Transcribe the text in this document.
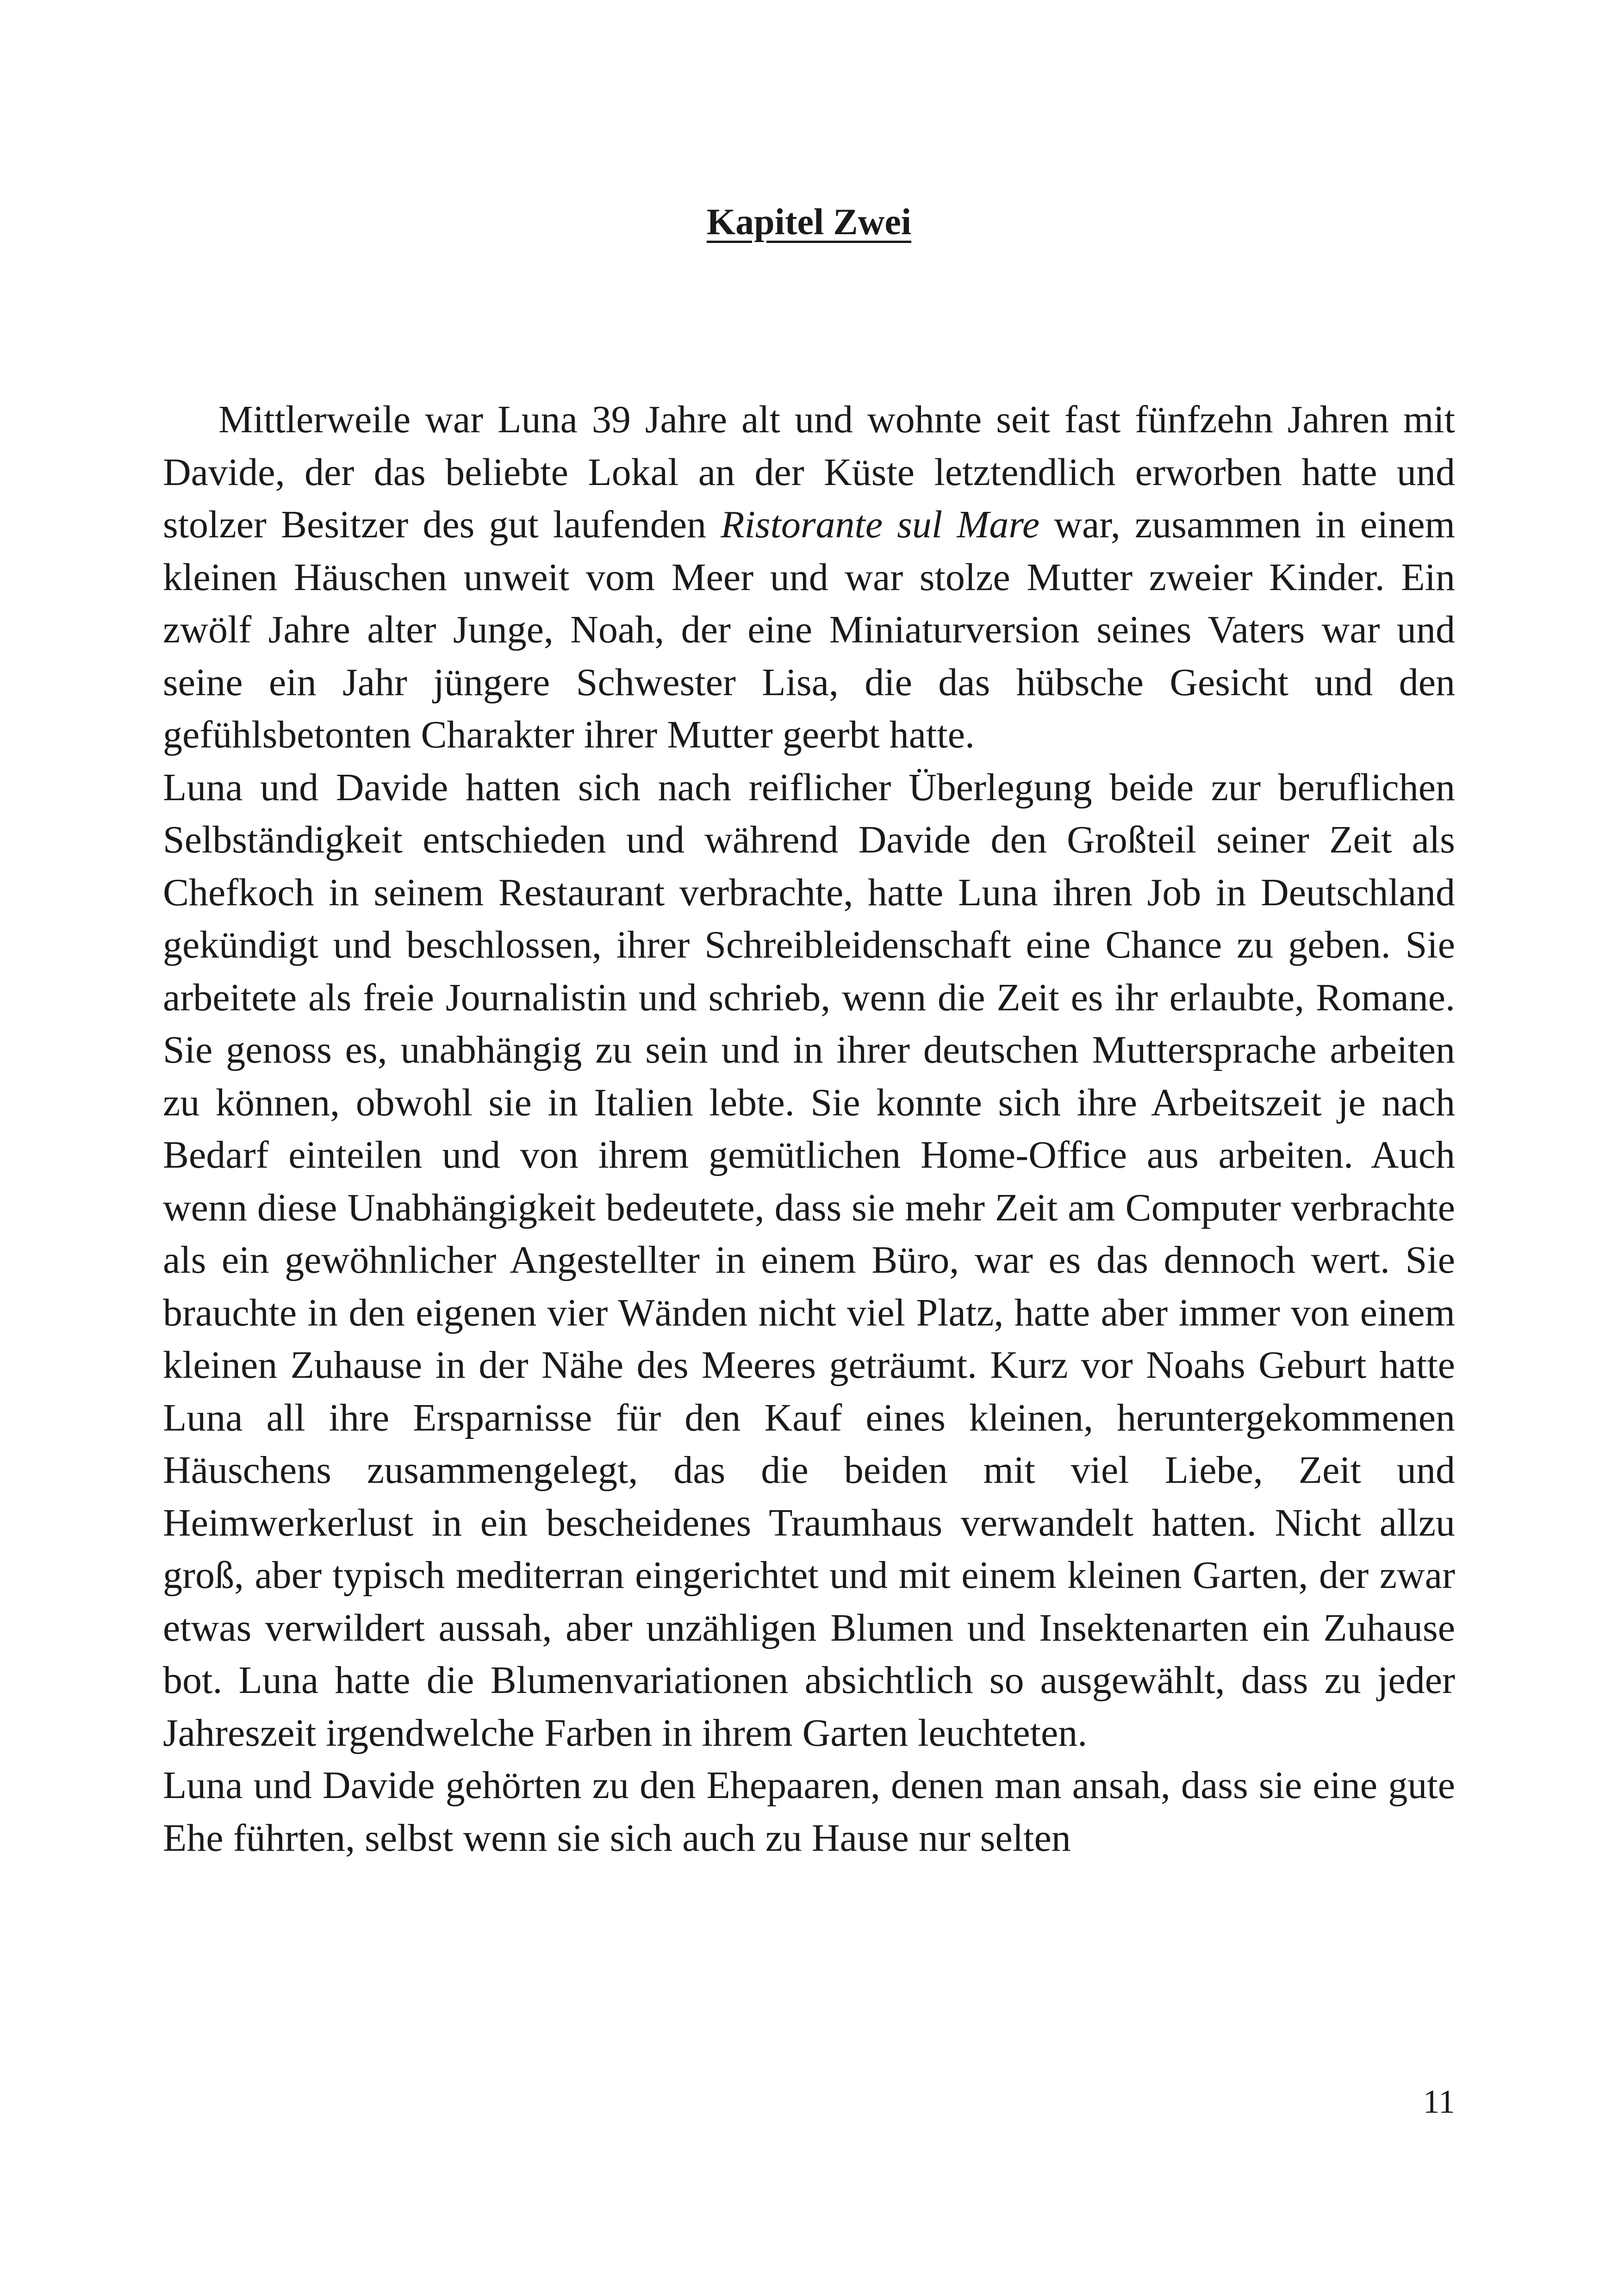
Kapitel Zwei

Mittlerweile war Luna 39 Jahre alt und wohnte seit fast fünfzehn Jahren mit Davide, der das beliebte Lokal an der Küste letztendlich erworben hatte und stolzer Besitzer des gut laufenden Ristorante sul Mare war, zusammen in einem kleinen Häuschen unweit vom Meer und war stolze Mutter zweier Kinder. Ein zwölf Jahre alter Junge, Noah, der eine Miniaturversion seines Vaters war und seine ein Jahr jüngere Schwester Lisa, die das hübsche Gesicht und den gefühlsbetonten Charakter ihrer Mutter geerbt hatte.

Luna und Davide hatten sich nach reiflicher Überlegung beide zur beruflichen Selbständigkeit entschieden und während Davide den Großteil seiner Zeit als Chefkoch in seinem Restaurant verbrachte, hatte Luna ihren Job in Deutschland gekündigt und beschlossen, ihrer Schreibleidenschaft eine Chance zu geben. Sie arbeitete als freie Journalistin und schrieb, wenn die Zeit es ihr erlaubte, Romane. Sie genoss es, unabhängig zu sein und in ihrer deutschen Muttersprache arbeiten zu können, obwohl sie in Italien lebte. Sie konnte sich ihre Arbeitszeit je nach Bedarf einteilen und von ihrem gemütlichen Home-Office aus arbeiten. Auch wenn diese Unabhängigkeit bedeutete, dass sie mehr Zeit am Computer verbrachte als ein gewöhnlicher Angestellter in einem Büro, war es das dennoch wert. Sie brauchte in den eigenen vier Wänden nicht viel Platz, hatte aber immer von einem kleinen Zuhause in der Nähe des Meeres geträumt. Kurz vor Noahs Geburt hatte Luna all ihre Ersparnisse für den Kauf eines kleinen, heruntergekommenen Häuschens zusammengelegt, das die beiden mit viel Liebe, Zeit und Heimwerkerlust in ein bescheidenes Traumhaus verwandelt hatten. Nicht allzu groß, aber typisch mediterran eingerichtet und mit einem kleinen Garten, der zwar etwas verwildert aussah, aber unzähligen Blumen und Insektenarten ein Zuhause bot. Luna hatte die Blumenvariationen absichtlich so ausgewählt, dass zu jeder Jahreszeit irgendwelche Farben in ihrem Garten leuchteten.

Luna und Davide gehörten zu den Ehepaaren, denen man ansah, dass sie eine gute Ehe führten, selbst wenn sie sich auch zu Hause nur selten

11
